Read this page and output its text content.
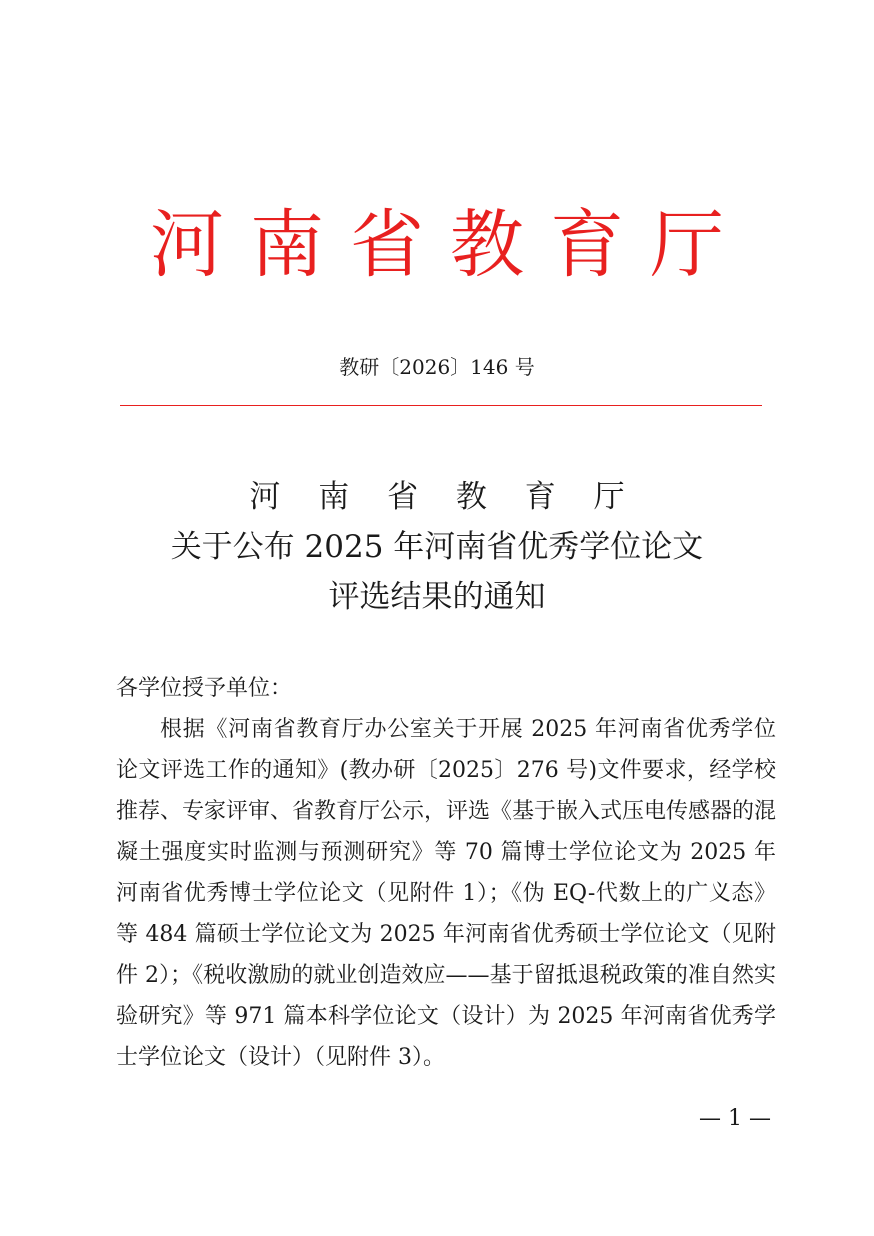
河南省教育厅
教研〔2026〕146 号
河 南 省 教 育 厅
关于公布 2025 年河南省优秀学位论文
评选结果的通知

各学位授予单位：

根据《河南省教育厅办公室关于开展 2025 年河南省优秀学位论文评选工作的通知》(教办研〔2025〕276 号)文件要求，经学校推荐、专家评审、省教育厅公示，评选《基于嵌入式压电传感器的混凝土强度实时监测与预测研究》等 70 篇博士学位论文为 2025 年河南省优秀博士学位论文（见附件 1）；《伪 EQ-代数上的广义态》等 484 篇硕士学位论文为 2025 年河南省优秀硕士学位论文（见附件 2）；《税收激励的就业创造效应——基于留抵退税政策的准自然实验研究》等 971 篇本科学位论文（设计）为 2025 年河南省优秀学士学位论文（设计）（见附件 3）。

— 1 —
